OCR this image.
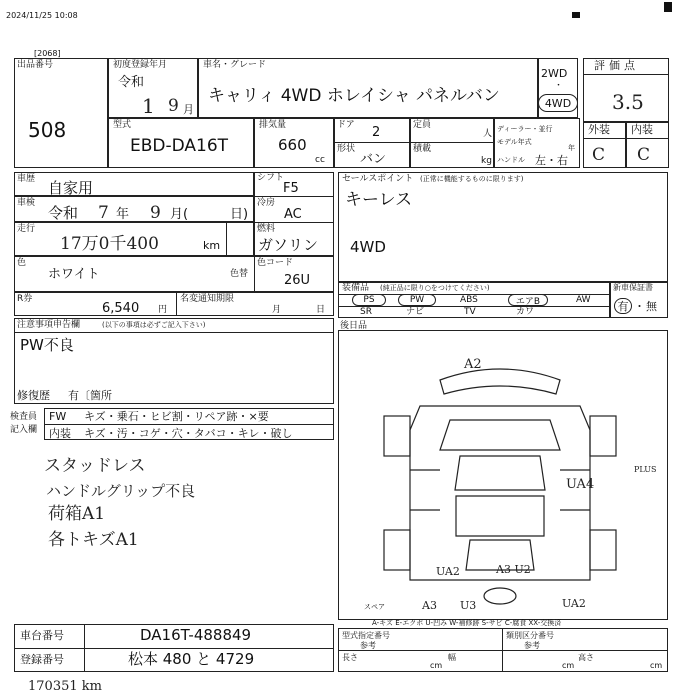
2024/11/25 10:08
[2068]
出品番号
508
初度登録年月
令和
1 9 月
車名・グレード
キャリィ 4WD ホレイシャ パネルバン
2WD
・
4WD
評価点
3.5
型式
EBD-DA16T
排気量
660
cc
ドア 2
形状
バン
定員
人
積載
kg
ディーラー・並行
モデル年式
年
ハンドル 左・右
外装
C
内装
C
車歴 自家用
車検
令和 7 年 9 月(	日)
走行
17万0千400	km
シフト
F5
冷房
AC
燃料
ガソリン
色
ホワイト	色替
色コード
26U
R券
6,540 円
名変通知期限
月	日
セールスポイント (正常に機能するものに限ります)
キーレス
4WD
装備品 (純正品に限り○をつけてください)
PS	PW	ABS	エアB	AW
SR	ナビ	TV	カワ
新車保証書
有 ・ 無
後日品
注意事項申告欄	(以下の事項は必ずご記入下さい)
PW不良
修復歴 有〔箇所
検査員
記入欄
FW キズ・乗石・ヒビ割・リペア跡・×要
内装 キズ・汚・コゲ・穴・タバコ・キレ・破し
スタッドレス
ハンドルグリップ不良
荷箱A1
各トキズA1
A2
UA4
PLUS
UA2	A3 U2
A3 U3	UA2
スペア
A-キズ E-エクボ U-凹み W-補修跡 S-サビ C-腐食 XX-交換済
車台番号	DA16T-488849
登録番号	松本 480 と 4729
型式指定番号
参考
類別区分番号
参考
長さ
cm
幅
cm
高さ
cm
170351 km
